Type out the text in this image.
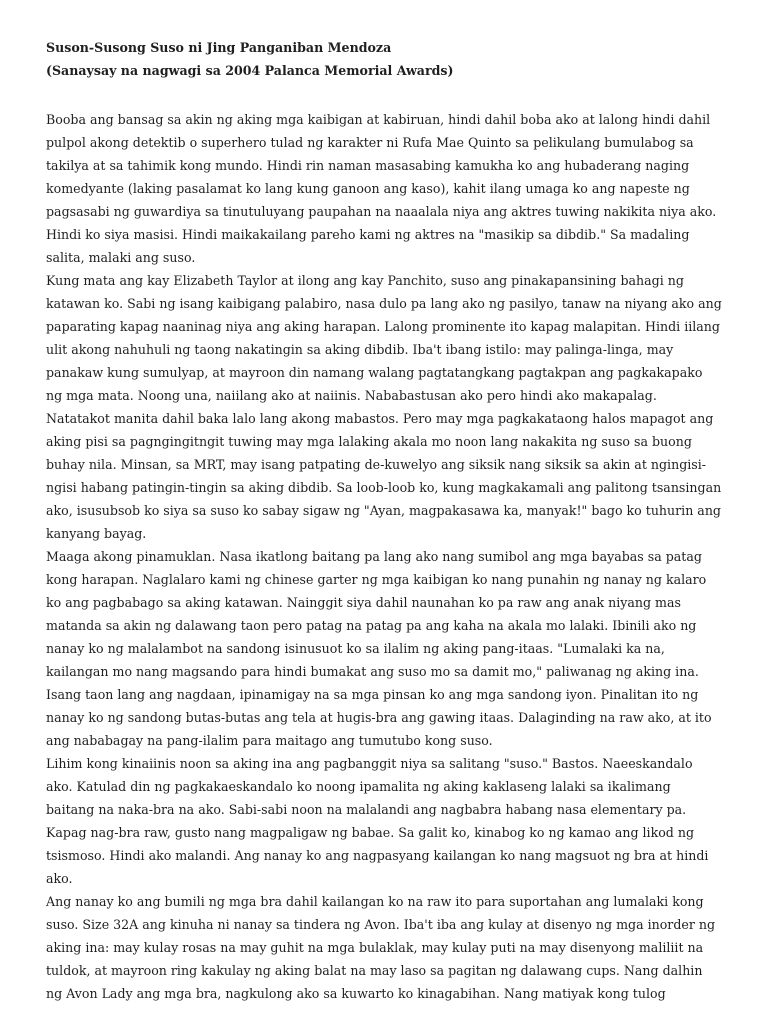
Suson-Susong Suso ni Jing Panganiban Mendoza
(Sanaysay na nagwagi sa 2004 Palanca Memorial Awards)

Booba ang bansag sa akin ng aking mga kaibigan at kabiruan, hindi dahil boba ako at lalong hindi dahil pulpol akong detektib o superhero tulad ng karakter ni Rufa Mae Quinto sa pelikulang bumulabog sa takilya at sa tahimik kong mundo. Hindi rin naman masasabing kamukha ko ang hubaderang naging komedyante (laking pasalamat ko lang kung ganoon ang kaso), kahit ilang umaga ko ang napeste ng pagsasabi ng guwardiya sa tinutuluyang paupahan na naaalala niya ang aktres tuwing nakikita niya ako. Hindi ko siya masisi. Hindi maikakailang pareho kami ng aktres na "masikip sa dibdib." Sa madaling salita, malaki ang suso.

Kung mata ang kay Elizabeth Taylor at ilong ang kay Panchito, suso ang pinakapansining bahagi ng katawan ko. Sabi ng isang kaibigang palabiro, nasa dulo pa lang ako ng pasilyo, tanaw na niyang ako ang paparating kapag naaninag niya ang aking harapan. Lalong prominente ito kapag malapitan. Hindi iilang ulit akong nahuhuli ng taong nakatingin sa aking dibdib. Iba't ibang istilo: may palinga-linga, may panakaw kung sumulyap, at mayroon din namang walang pagtatangkang pagtakpan ang pagkakapako ng mga mata. Noong una, naiilang ako at naiinis. Nababastusan ako pero hindi ako makapalag. Natatakot manita dahil baka lalo lang akong mabastos. Pero may mga pagkakataong halos mapagot ang aking pisi sa pagngingitngit tuwing may mga lalaking akala mo noon lang nakakita ng suso sa buong buhay nila. Minsan, sa MRT, may isang patpating de-kuwelyo ang siksik nang siksik sa akin at ngingisi-ngisi habang patingin-tingin sa aking dibdib. Sa loob-loob ko, kung magkakamali ang palitong tsansingan ako, isusubsob ko siya sa suso ko sabay sigaw ng "Ayan, magpakasawa ka, manyak!" bago ko tuhurin ang kanyang bayag.

Maaga akong pinamuklan. Nasa ikatlong baitang pa lang ako nang sumibol ang mga bayabas sa patag kong harapan. Naglalaro kami ng chinese garter ng mga kaibigan ko nang punahin ng nanay ng kalaro ko ang pagbabago sa aking katawan. Nainggit siya dahil naunahan ko pa raw ang anak niyang mas matanda sa akin ng dalawang taon pero patag na patag pa ang kaha na akala mo lalaki. Ibinili ako ng nanay ko ng malalambot na sandong isinusuot ko sa ilalim ng aking pang-itaas. "Lumalaki ka na, kailangan mo nang magsando para hindi bumakat ang suso mo sa damit mo," paliwanag ng aking ina. Isang taon lang ang nagdaan, ipinamigay na sa mga pinsan ko ang mga sandong iyon. Pinalitan ito ng nanay ko ng sandong butas-butas ang tela at hugis-bra ang gawing itaas. Dalaginding na raw ako, at ito ang nababagay na pang-ilalim para maitago ang tumutubo kong suso.

Lihim kong kinaiinis noon sa aking ina ang pagbanggit niya sa salitang "suso." Bastos. Naeeskandalo ako. Katulad din ng pagkakaeskandalo ko noong ipamalita ng aking kaklaseng lalaki sa ikalimang baitang na naka-bra na ako. Sabi-sabi noon na malalandi ang nagbabra habang nasa elementary pa. Kapag nag-bra raw, gusto nang magpaligaw ng babae. Sa galit ko, kinabog ko ng kamao ang likod ng tsismoso. Hindi ako malandi. Ang nanay ko ang nagpasyang kailangan ko nang magsuot ng bra at hindi ako.

Ang nanay ko ang bumili ng mga bra dahil kailangan ko na raw ito para suportahan ang lumalaki kong suso. Size 32A ang kinuha ni nanay sa tindera ng Avon. Iba't iba ang kulay at disenyo ng mga inorder ng aking ina: may kulay rosas na may guhit na mga bulaklak, may kulay puti na may disenyong maliliit na tuldok, at mayroon ring kakulay ng aking balat na may laso sa pagitan ng dalawang cups. Nang dalhin ng Avon Lady ang mga bra, nagkulong ako sa kuwarto ko kinagabihan. Nang matiyak kong tulog
